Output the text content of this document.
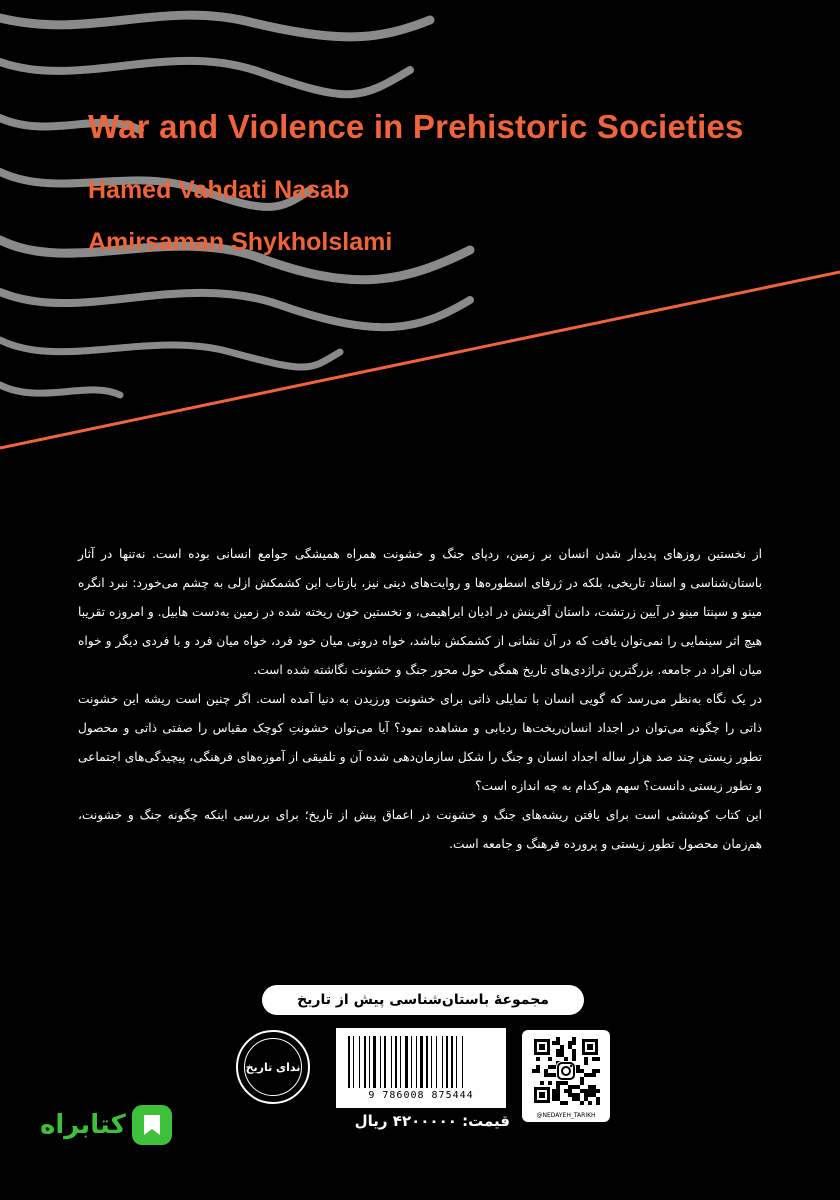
War and Violence in Prehistoric Societies
Hamed Vahdati Nasab
Amirsaman Shykholslami

از نخستین روزهای پدیدار شدن انسان بر زمین، ردپای جنگ و خشونت همراه همیشگی جوامع انسانی بوده است. نه‌تنها در آثار باستان‌شناسی و اسناد تاریخی، بلکه در ژرفای اسطوره‌ها و روایت‌های دینی نیز، بازتاب این کشمکش ازلی به چشم می‌خورد: نبرد انگره مینو و سپنتا مینو در آیین زرتشت، داستان آفرینش در ادیان ابراهیمی، و نخستین خون ریخته شده در زمین به‌دست هابیل. و امروزه تقریبا هیچ اثر سینمایی را نمی‌توان یافت که در آن نشانی از کشمکش نباشد، خواه درونی میان خود فرد، خواه میان فرد و با فردی دیگر و خواه میان افراد در جامعه. بزرگترین تراژدی‌های تاریخ همگی حول محور جنگ و خشونت نگاشته شده است.

در یک نگاه به‌نظر می‌رسد که گویی انسان با تمایلی ذاتی برای خشونت ورزیدن به دنیا آمده است. اگر چنین است ریشه این خشونت ذاتی را چگونه می‌توان در اجداد انسان‌ریخت‌ها ردیابی و مشاهده نمود؟ آیا می‌توان خشونتِ کوچک مقیاس را صفتی ذاتی و محصول تطور زیستی چند صد هزار ساله اجداد انسان و جنگ را شکل سازمان‌دهی شده آن و تلفیقی از آموزه‌های فرهنگی، پیچیدگی‌های اجتماعی و تطور زیستی دانست؟ سهم هرکدام به چه اندازه است؟

این کتاب کوششی است برای یافتن ریشه‌های جنگ و خشونت در اعماق پیش از تاریخ؛ برای بررسی اینکه چگونه جنگ و خشونت، هم‌زمان محصول تطور زیستی و پرورده فرهنگ و جامعه است.

مجموعهٔ باستان‌شناسی پیش از تاریخ
ندای تاریخ
9 786008 875444
@NEDAYEH_TARIKH
قیمت: ۴۲۰۰۰۰۰ ریال
کتابراه
